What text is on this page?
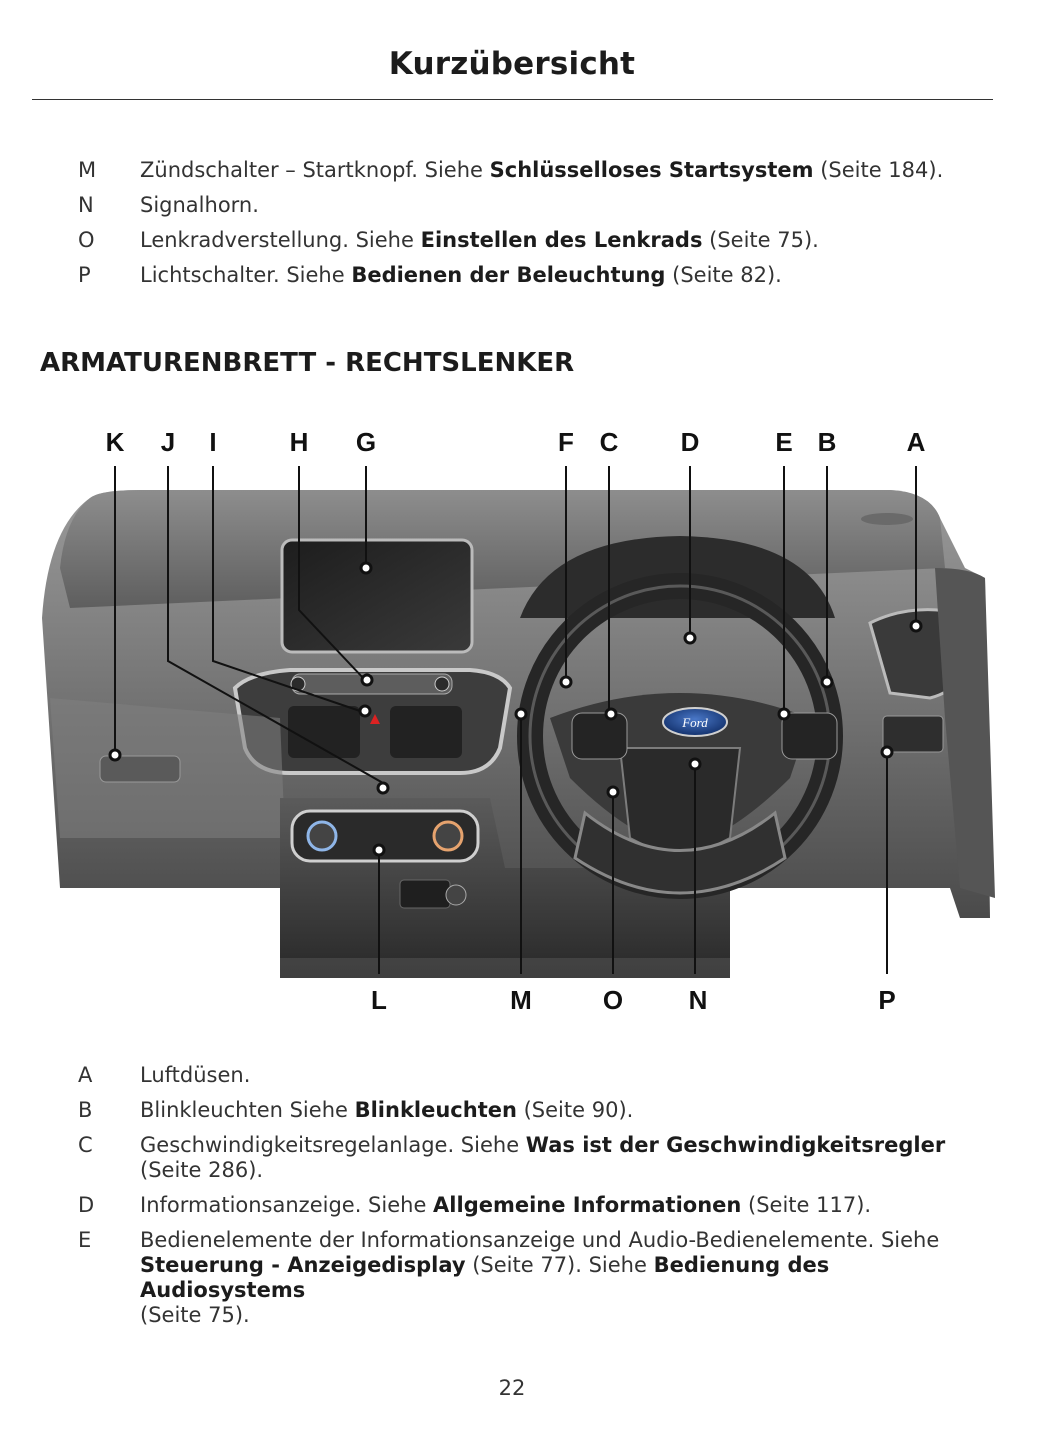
Kurzübersicht
M Zündschalter – Startknopf. Siehe Schlüsselloses Startsystem (Seite 184).
N Signalhorn.
O Lenkradverstellung. Siehe Einstellen des Lenkrads (Seite 75).
P	Lichtschalter. Siehe Bedienen der Beleuchtung (Seite 82).
ARMATURENBRETT - RECHTSLENKER
Ford
K J I	H G	F C D	E B	A
L	M	O	N	P
A	Luftdüsen.
B	Blinkleuchten Siehe Blinkleuchten (Seite 90).
C	Geschwindigkeitsregelanlage. Siehe Was ist der Geschwindigkeitsregler
(Seite 286).
D Informationsanzeige. Siehe Allgemeine Informationen (Seite 117).
E	Bedienelemente der Informationsanzeige und Audio-Bedienelemente. Siehe
Steuerung - Anzeigedisplay (Seite 77). Siehe Bedienung des Audiosystems
(Seite 75).
22
